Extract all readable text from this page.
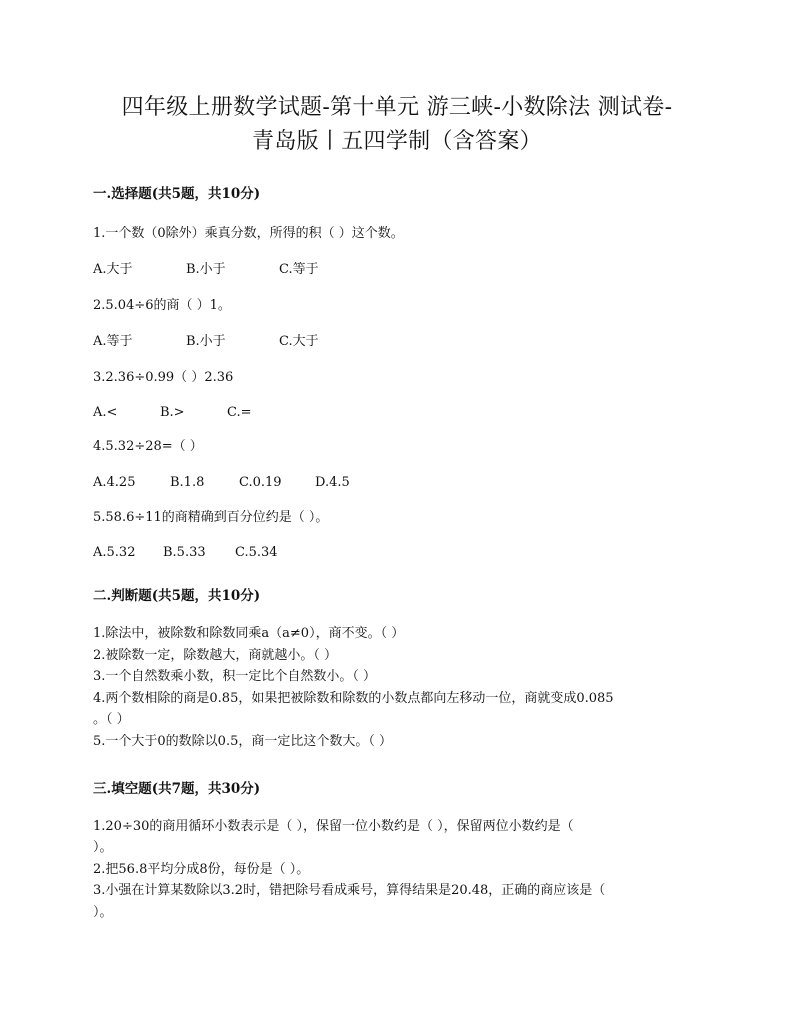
四年级上册数学试题-第十单元 游三峡-小数除法 测试卷-
青岛版丨五四学制（含答案）
一.选择题(共5题，共10分)
1.一个数（0除外）乘真分数，所得的积（ ）这个数。
A.大于	B.小于	C.等于
2.5.04÷6的商（ ）1。
A.等于	B.小于	C.大于
3.2.36÷0.99（ ）2.36
A.<	B.>	C.=
4.5.32÷28=（ ）
A.4.25	B.1.8	C.0.19	D.4.5
5.58.6÷11的商精确到百分位约是（ ）。
A.5.32 B.5.33 C.5.34
二.判断题(共5题，共10分)
1.除法中，被除数和除数同乘a（a≠0），商不变。（ ）
2.被除数一定，除数越大，商就越小。（ ）
3.一个自然数乘小数，积一定比个自然数小。（ ）
4.两个数相除的商是0.85，如果把被除数和除数的小数点都向左移动一位，商就变成0.085
。（ ）
5.一个大于0的数除以0.5，商一定比这个数大。（ ）
三.填空题(共7题，共30分)
1.20÷30的商用循环小数表示是（ ），保留一位小数约是（ ），保留两位小数约是（
）。
2.把56.8平均分成8份，每份是（ ）。
3.小强在计算某数除以3.2时，错把除号看成乘号，算得结果是20.48，正确的商应该是（
）。
